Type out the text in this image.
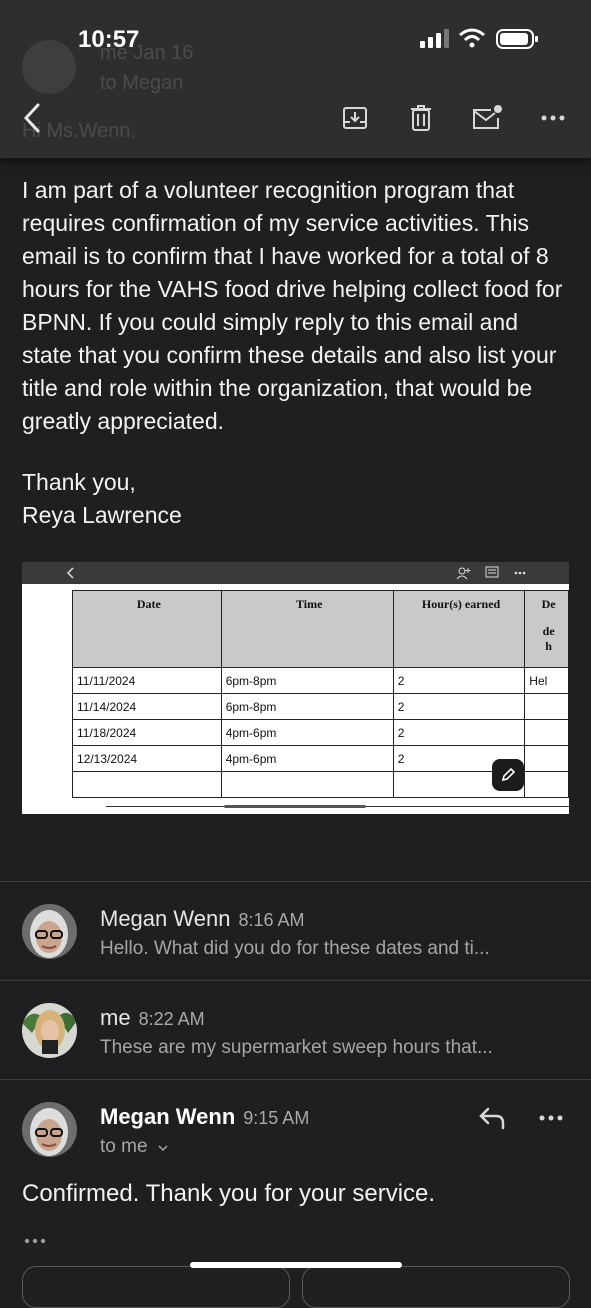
me Jan 16
to Megan
Hi Ms.Wenn,
10:57
I am part of a volunteer recognition program that requires confirmation of my service activities. This email is to confirm that I have worked for a total of 8 hours for the VAHS food drive helping collect food for BPNN. If you could simply reply to this email and state that you confirm these details and also list your title and role within the organization, that would be greatly appreciated.
Thank you,
Reya Lawrence
Date	Time	Hour(s) earned	De
de
h

11/11/2024	6pm-8pm	2	Hel
11/14/2024	6pm-8pm	2	
11/18/2024	4pm-6pm	2	
12/13/2024	4pm-6pm	2	

Megan Wenn 8:16 AM
Hello. What did you do for these dates and ti...
me 8:22 AM
These are my supermarket sweep hours that...
Megan Wenn 9:15 AM
to me
Confirmed. Thank you for your service.
